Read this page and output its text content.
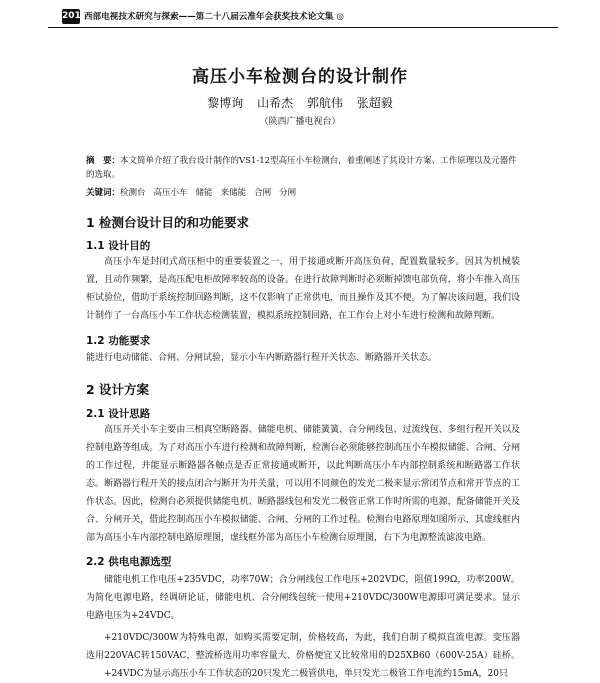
2016
西部电视技术研究与探索——第二十八届云准年会获奖技术论文集 ◎
高压小车检测台的设计制作
黎博询 山希杰 郭航伟 张超毅
（陕西广播电视台）
摘　要：本文简单介绍了我台设计制作的VS1-12型高压小车检测台，着重阐述了其设计方案、工作原理以及元器件的选取。
关键词：检测台 高压小车 储能 来储能 合闸 分闸
1 检测台设计目的和功能要求
1.1 设计目的
高压小车是封闭式高压柜中的重要装置之一，用于接通或断开高压负荷，配置数量较多。因其为机械装置，且动作频繁，是高压配电柜故障率较高的设备。在进行故障判断时必须断掉馈电部负荷，将小车推入高压柜试验位，借助于系统控制回路判断，这不仅影响了正常供电，而且操作及其不便。为了解决该问题，我们设计制作了一台高压小车工作状态检测装置，模拟系统控制回路，在工作台上对小车进行检测和故障判断。
1.2 功能要求
能进行电动储能、合闸、分闸试验，显示小车内断路器行程开关状态、断路器开关状态。
2 设计方案
2.1 设计思路
高压开关小车主要由三相真空断路器、储能电机、储能簧簧、合分闸线包、过流线包、多组行程开关以及控制电路等组成。为了对高压小车进行检测和故障判断，检测台必须能够控制高压小车模拟储能、合闸、分闸的工作过程，并能显示断路器各触点是否正常接通或断开，以此判断高压小车内部控制系统和断路器工作状态。断路器行程开关的接点闭合与断开为开关量，可以用不同颜色的发光二极来显示常闭节点和常开节点的工作状态。因此，检测台必须提供储能电机、断路器线包和发光二极管正常工作时所需的电源，配备储能开关及合、分闸开关，借此控制高压小车模拟储能、合闸、分闸的工作过程。检测台电路原理如图所示，其虚线框内部为高压小车内部控制电路原理图，虚线框外部为高压小车检测台原理图，右下为电源整流滤波电路。
2.2 供电电源选型
储能电机工作电压+235VDC，功率70W；合分闸线包工作电压+202VDC，阻值199Ω，功率200W。为简化电源电路，经调研论证，储能电机、合分闸线包统一使用+210VDC/300W电源即可满足要求。显示电路电压为+24VDC。
+210VDC/300W为特殊电源，如购买需要定制，价格较高，为此，我们自制了模拟直流电源。变压器选用220VAC转150VAC，整流桥选用功率容量大、价格便宜又比较常用的D25XB60（600V-25A）硅桥。
+24VDC为显示高压小车工作状态的20只发光二极管供电，单只发光二极管工作电流约15mA，20只
